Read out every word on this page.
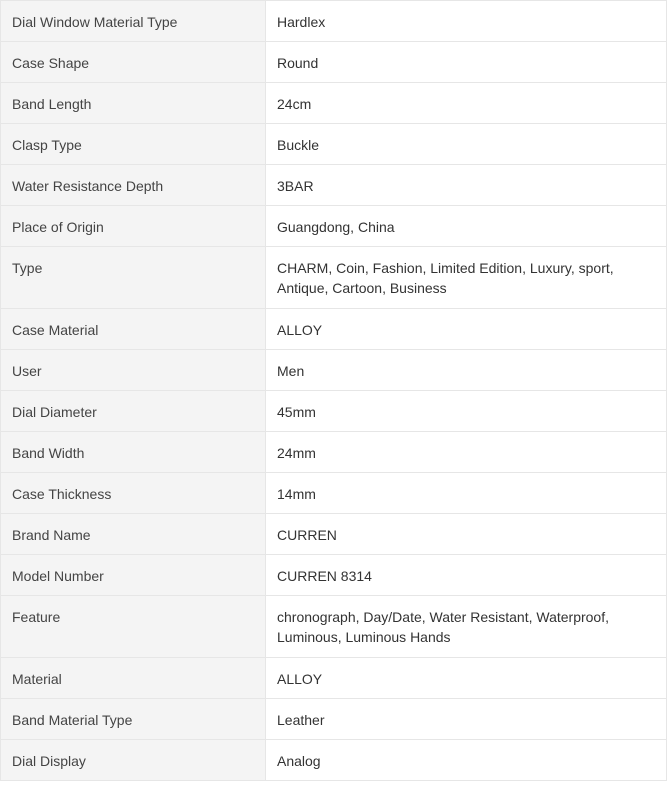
Dial Window Material Type	Hardlex
Case Shape	Round
Band Length	24cm
Clasp Type	Buckle
Water Resistance Depth	3BAR
Place of Origin	Guangdong, China
Type	CHARM, Coin, Fashion, Limited Edition, Luxury, sport, Antique, Cartoon, Business
Case Material	ALLOY
User	Men
Dial Diameter	45mm
Band Width	24mm
Case Thickness	14mm
Brand Name	CURREN
Model Number	CURREN 8314
Feature	chronograph, Day/Date, Water Resistant, Waterproof, Luminous, Luminous Hands
Material	ALLOY
Band Material Type	Leather
Dial Display	Analog
